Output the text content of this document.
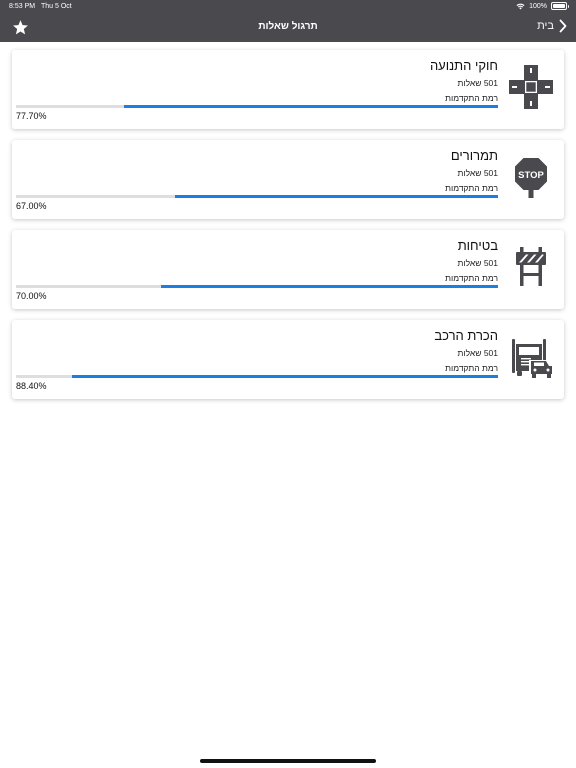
8:53 PM Thu 5 Oct	100%
תרגול שאלות	בית
חוקי התנועה
501 שאלות
רמת התקדמות
77.70%
STOP
תמרורים
501 שאלות
רמת התקדמות
67.00%
בטיחות
501 שאלות
רמת התקדמות
70.00%
הכרת הרכב
501 שאלות
רמת התקדמות
88.40%
